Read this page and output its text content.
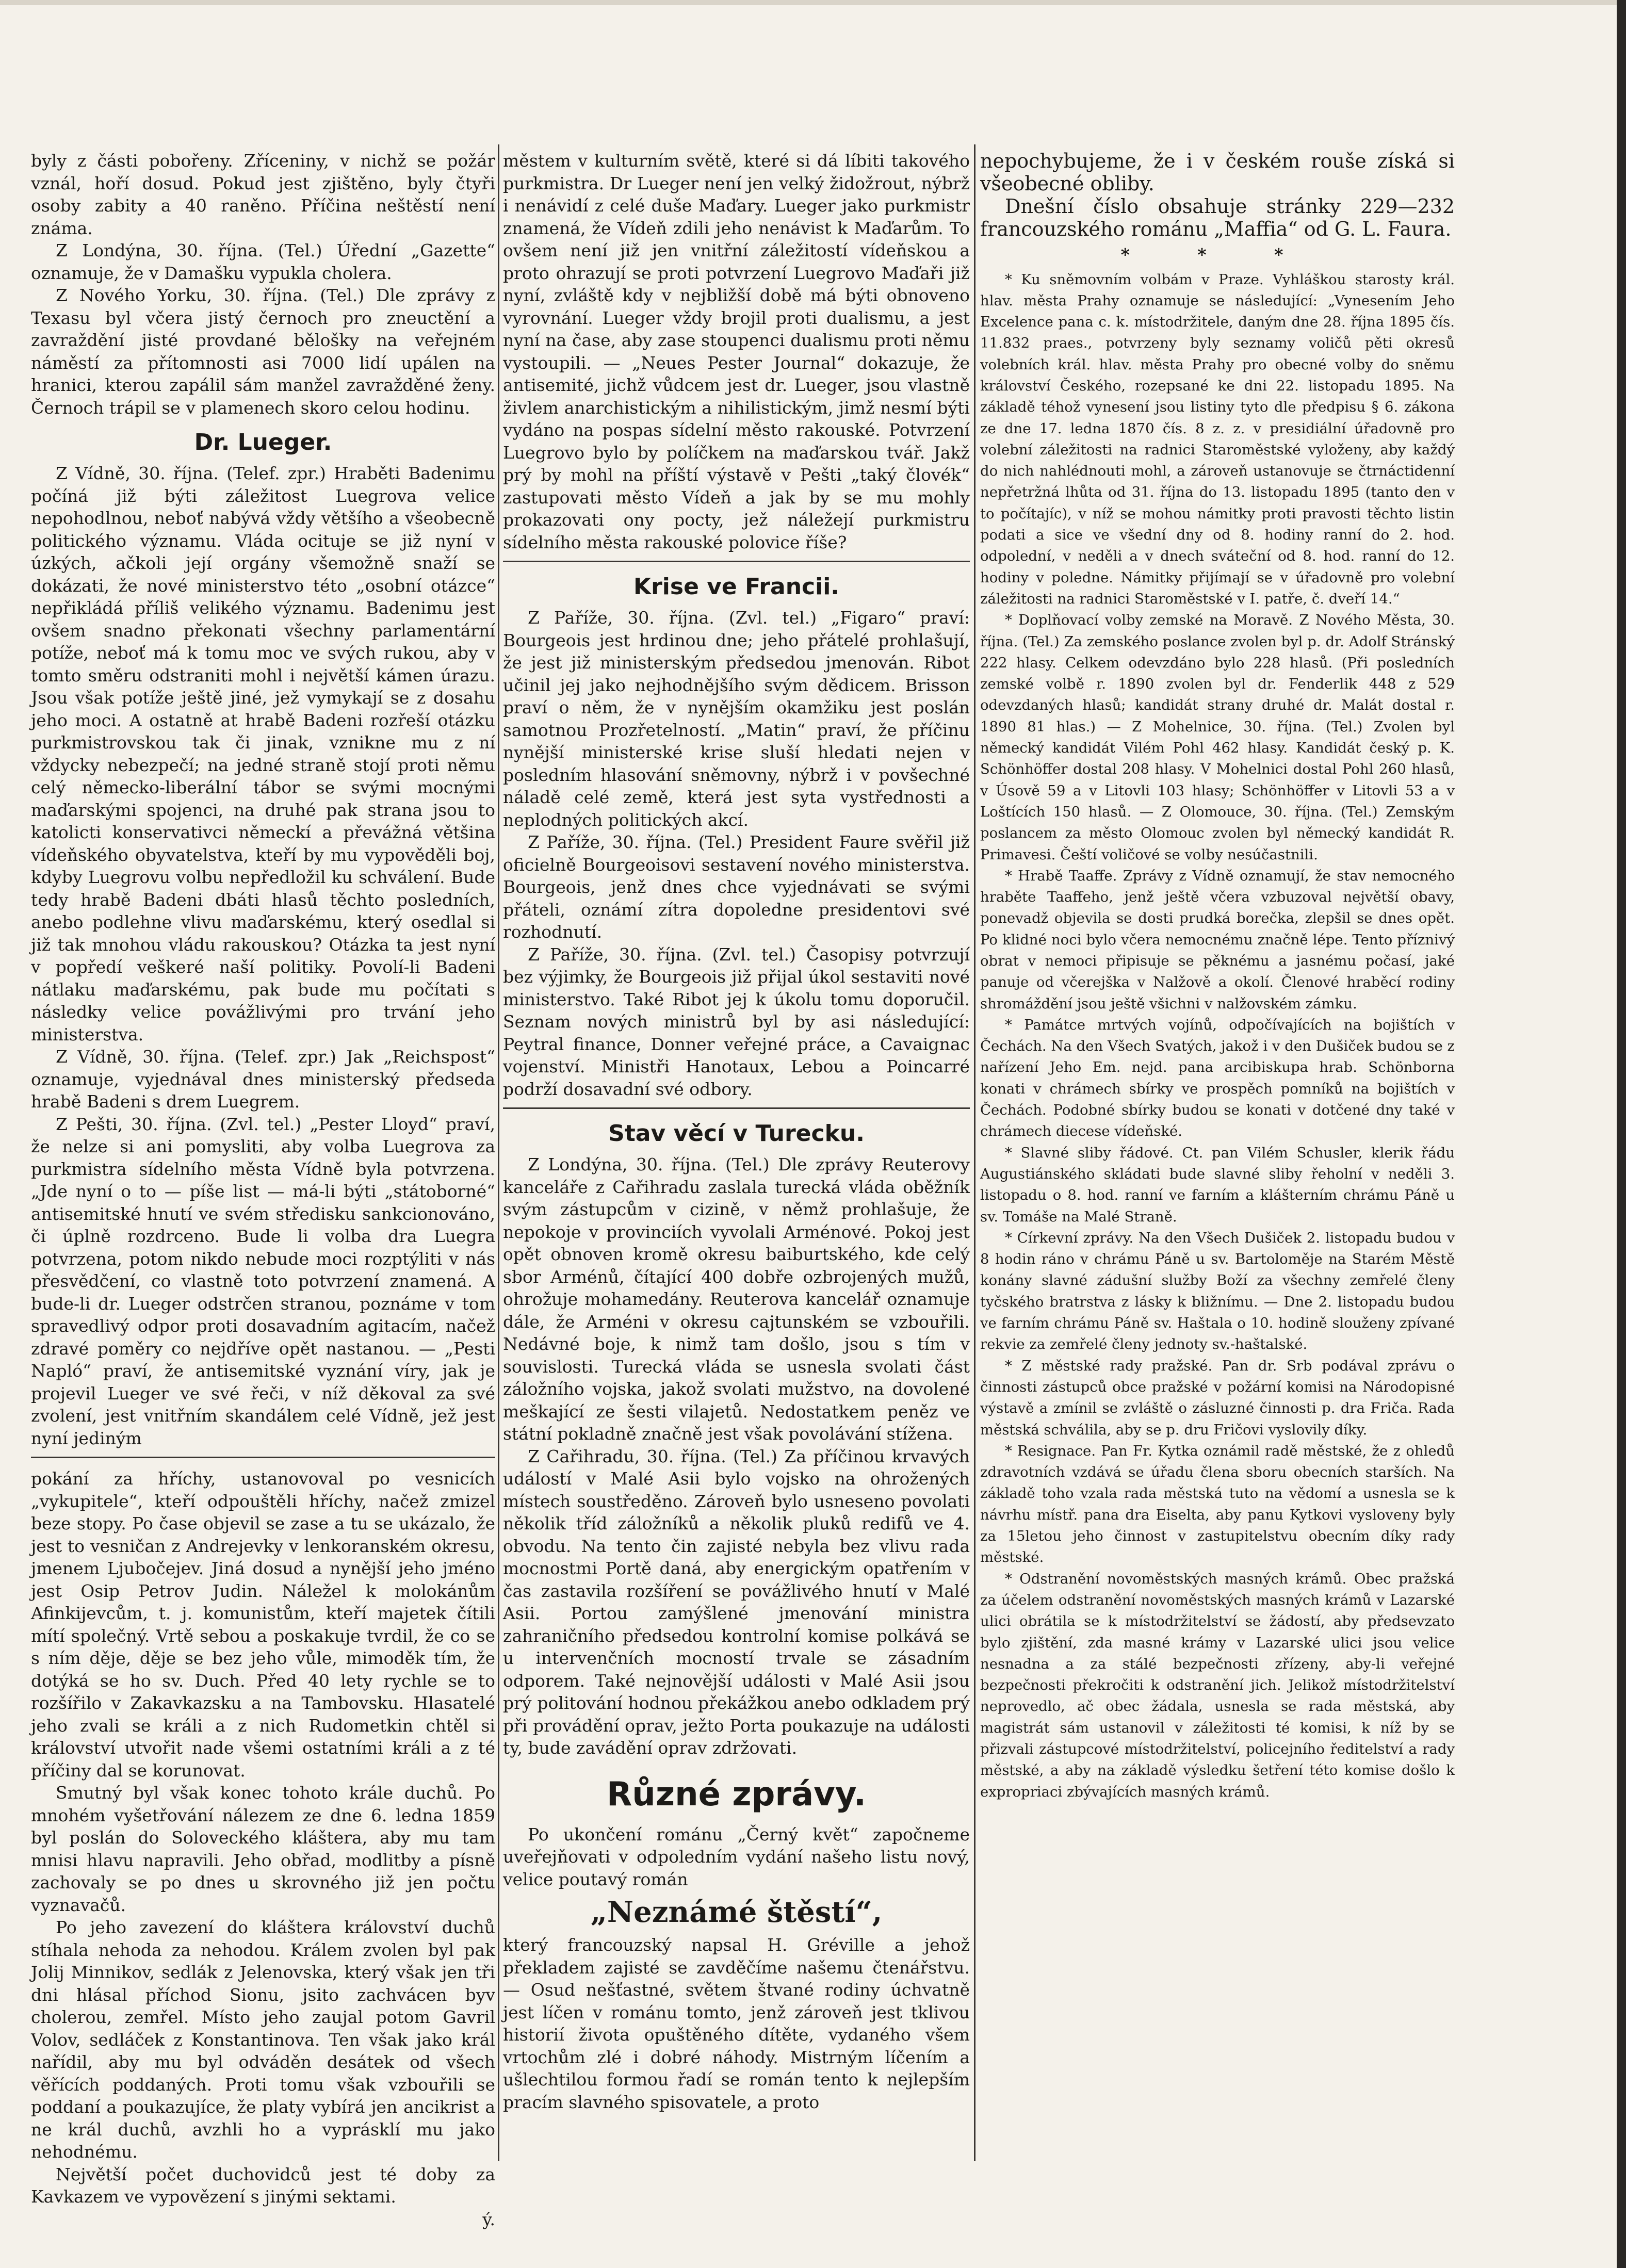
byly z části pobořeny. Zříceniny, v nichž se požár vznál, hoří dosud. Pokud jest zjištěno, byly čtyři osoby zabity a 40 raněno. Příčina neštěstí není známa.

Z Londýna, 30. října. (Tel.) Úřední „Gazette“ oznamuje, že v Damašku vypukla cholera.

Z Nového Yorku, 30. října. (Tel.) Dle zprávy z Texasu byl včera jistý černoch pro zneuctění a zavraždění jisté provdané bělošky na veřejném náměstí za přítomnosti asi 7000 lidí upálen na hranici, kterou zapálil sám manžel zavražděné ženy. Černoch trápil se v plamenech skoro celou hodinu.

Dr. Lueger.

Z Vídně, 30. října. (Telef. zpr.) Hraběti Badenimu počíná již býti záležitost Luegrova velice nepohodlnou, neboť nabývá vždy většího a všeobecně politického významu. Vláda ocituje se již nyní v úzkých, ačkoli její orgány všemožně snaží se dokázati, že nové ministerstvo této „osobní otázce“ nepřikládá příliš velikého významu. Badenimu jest ovšem snadno překonati všechny parlamentární potíže, neboť má k tomu moc ve svých rukou, aby v tomto směru odstraniti mohl i největší kámen úrazu. Jsou však potíže ještě jiné, jež vymykají se z dosahu jeho moci. A ostatně at hrabě Badeni rozřeší otázku purkmistrovskou tak či jinak, vznikne mu z ní vždycky nebezpečí; na jedné straně stojí proti němu celý německo-liberální tábor se svými mocnými maďarskými spojenci, na druhé pak strana jsou to katolicti konservativci německí a převážná většina vídeňského obyvatelstva, kteří by mu vypověděli boj, kdyby Luegrovu volbu nepředložil ku schválení. Bude tedy hrabě Badeni dbáti hlasů těchto posledních, anebo podlehne vlivu maďarskému, který osedlal si již tak mnohou vládu rakouskou? Otázka ta jest nyní v popředí veškeré naší politiky. Povolí-li Badeni nátlaku maďarskému, pak bude mu počítati s následky velice povážlivými pro trvání jeho ministerstva.

Z Vídně, 30. října. (Telef. zpr.) Jak „Reichspost“ oznamuje, vyjednával dnes ministerský předseda hrabě Badeni s drem Luegrem.

Z Pešti, 30. října. (Zvl. tel.) „Pester Lloyd“ praví, že nelze si ani pomysliti, aby volba Luegrova za purkmistra sídelního města Vídně byla potvrzena. „Jde nyní o to — píše list — má-li býti „státoborné“ antisemitské hnutí ve svém středisku sankcionováno, či úplně rozdrceno. Bude li volba dra Luegra potvrzena, potom nikdo nebude moci rozptýliti v nás přesvědčení, co vlastně toto potvrzení znamená. A bude-li dr. Lueger odstrčen stranou, poznáme v tom spravedlivý odpor proti dosavadním agitacím, načež zdravé poměry co nejdříve opět nastanou. — „Pesti Napló“ praví, že antisemitské vyznání víry, jak je projevil Lueger ve své řeči, v níž děkoval za své zvolení, jest vnitřním skandálem celé Vídně, jež jest nyní jediným

pokání za hříchy, ustanovoval po vesnicích „vykupitele“, kteří odpouštěli hříchy, načež zmizel beze stopy. Po čase objevil se zase a tu se ukázalo, že jest to vesničan z Andrejevky v lenkoranském okresu, jmenem Ljubočejev. Jiná dosud a nynější jeho jméno jest Osip Petrov Judin. Náležel k molokánům Afinkijevcům, t. j. komunistům, kteří majetek čítili mítí společný. Vrtě sebou a poskakuje tvrdil, že co se s ním děje, děje se bez jeho vůle, mimoděk tím, že dotýká se ho sv. Duch. Před 40 lety rychle se to rozšířilo v Zakavkazsku a na Tambovsku. Hlasatelé jeho zvali se králi a z nich Rudometkin chtěl si království utvořit nade všemi ostatními králi a z té příčiny dal se korunovat.

Smutný byl však konec tohoto krále duchů. Po mnohém vyšetřování nálezem ze dne 6. ledna 1859 byl poslán do Soloveckého kláštera, aby mu tam mnisi hlavu napravili. Jeho obřad, modlitby a písně zachovaly se po dnes u skrovného již jen počtu vyznavačů.

Po jeho zavezení do kláštera království duchů stíhala nehoda za nehodou. Králem zvolen byl pak Jolij Minnikov, sedlák z Jelenovska, který však jen tři dni hlásal příchod Sionu, jsito zachvácen byv cholerou, zemřel. Místo jeho zaujal potom Gavril Volov, sedláček z Konstantinova. Ten však jako král nařídil, aby mu byl odváděn desátek od všech věřících poddaných. Proti tomu však vzbouřili se poddaní a poukazujíce, že platy vybírá jen ancikrist a ne král duchů, avzhli ho a vyprásklí mu jako nehodnému.

Největší počet duchovidců jest té doby za Kavkazem ve vypovězení s jinými sektami.

ý.

městem v kulturním světě, které si dá líbiti takového purkmistra. Dr Lueger není jen velký židožrout, nýbrž i nenávidí z celé duše Maďary. Lueger jako purkmistr znamená, že Vídeň zdili jeho nenávist k Maďarům. To ovšem není již jen vnitřní záležitostí vídeňskou a proto ohrazují se proti potvrzení Luegrovo Maďaři již nyní, zvláště kdy v nejbližší době má býti obnoveno vyrovnání. Lueger vždy brojil proti dualismu, a jest nyní na čase, aby zase stoupenci dualismu proti němu vystoupili. — „Neues Pester Journal“ dokazuje, že antisemité, jichž vůdcem jest dr. Lueger, jsou vlastně živlem anarchistickým a nihilistickým, jimž nesmí býti vydáno na pospas sídelní město rakouské. Potvrzení Luegrovo bylo by políčkem na maďarskou tvář. Jakž prý by mohl na příští výstavě v Pešti „taký človék“ zastupovati město Vídeň a jak by se mu mohly prokazovati ony pocty, jež náležejí purkmistru sídelního města rakouské polovice říše?

Krise ve Francii.

Z Paříže, 30. října. (Zvl. tel.) „Figaro“ praví: Bourgeois jest hrdinou dne; jeho přátelé prohlašují, že jest již ministerským předsedou jmenován. Ribot učinil jej jako nejhodnějšího svým dědicem. Brisson praví o něm, že v nynějším okamžiku jest poslán samotnou Prozřetelností. „Matin“ praví, že příčinu nynější ministerské krise sluší hledati nejen v posledním hlasování sněmovny, nýbrž i v povšechné náladě celé země, která jest syta vystřednosti a neplodných politických akcí.

Z Paříže, 30. října. (Tel.) President Faure svěřil již oficielně Bourgeoisovi sestavení nového ministerstva. Bourgeois, jenž dnes chce vyjednávati se svými přáteli, oznámí zítra dopoledne presidentovi své rozhodnutí.

Z Paříže, 30. října. (Zvl. tel.) Časopisy potvrzují bez výjimky, že Bourgeois již přijal úkol sestaviti nové ministerstvo. Také Ribot jej k úkolu tomu doporučil. Seznam nových ministrů byl by asi následující: Peytral finance, Donner veřejné práce, a Cavaignac vojenství. Ministři Hanotaux, Lebou a Poincarré podrží dosavadní své odbory.

Stav věcí v Turecku.

Z Londýna, 30. října. (Tel.) Dle zprávy Reuterovy kanceláře z Cařihradu zaslala turecká vláda oběžník svým zástupcům v cizině, v němž prohlašuje, že nepokoje v provinciích vyvolali Arménové. Pokoj jest opět obnoven kromě okresu baiburtského, kde celý sbor Arménů, čítající 400 dobře ozbrojených mužů, ohrožuje mohamedány. Reuterova kancelář oznamuje dále, že Arméni v okresu cajtunském se vzbouřili. Nedávné boje, k nimž tam došlo, jsou s tím v souvislosti. Turecká vláda se usnesla svolati část záložního vojska, jakož svolati mužstvo, na dovolené meškající ze šesti vilajetů. Nedostatkem peněz ve státní pokladně značně jest však povolávání stížena.

Z Cařihradu, 30. října. (Tel.) Za příčinou krvavých událostí v Malé Asii bylo vojsko na ohrožených místech soustředěno. Zároveň bylo usneseno povolati několik tříd záložníků a několik pluků redifů ve 4. obvodu. Na tento čin zajisté nebyla bez vlivu rada mocnostmi Portě daná, aby energickým opatřením v čas zastavila rozšíření se povážlivého hnutí v Malé Asii. Portou zamýšlené jmenování ministra zahraničního předsedou kontrolní komise polkává se u intervenčních mocností trvale se zásadním odporem. Také nejnovější události v Malé Asii jsou prý politování hodnou překážkou anebo odkladem prý při provádění oprav, ježto Porta poukazuje na události ty, bude zavádění oprav zdržovati.

Různé zprávy.

Po ukončení románu „Černý květ“ započneme uveřejňovati v odpoledním vydání našeho listu nový, velice poutavý román

„Neznámé štěstí“,

který francouzský napsal H. Gréville a jehož překladem zajisté se zavděčíme našemu čtenářstvu. — Osud nešťastné, světem štvané rodiny úchvatně jest líčen v románu tomto, jenž zároveň jest tklivou historií života opuštěného dítěte, vydaného všem vrtochům zlé i dobré náhody. Mistrným líčením a ušlechtilou formou řadí se román tento k nejlepším pracím slavného spisovatele, a proto

nepochybujeme, že i v českém rouše získá si všeobecné obliby.

Dnešní číslo obsahuje stránky 229—232 francouzského románu „Maffia“ od G. L. Faura.

* * *

* Ku sněmovním volbám v Praze. Vyhláškou starosty král. hlav. města Prahy oznamuje se následující: „Vynesením Jeho Excelence pana c. k. místodržitele, daným dne 28. října 1895 čís. 11.832 praes., potvrzeny byly seznamy voličů pěti okresů volebních král. hlav. města Prahy pro obecné volby do sněmu království Českého, rozepsané ke dni 22. listopadu 1895. Na základě téhož vynesení jsou listiny tyto dle předpisu § 6. zákona ze dne 17. ledna 1870 čís. 8 z. z. v presidiální úřadovně pro volební záležitosti na radnici Staroměstské vyloženy, aby každý do nich nahlédnouti mohl, a zároveň ustanovuje se čtrnáctidenní nepřetržná lhůta od 31. října do 13. listopadu 1895 (tanto den v to počítajíc), v níž se mohou námitky proti pravosti těchto listin podati a sice ve všední dny od 8. hodiny ranní do 2. hod. odpolední, v neděli a v dnech sváteční od 8. hod. ranní do 12. hodiny v poledne. Námitky přijímají se v úřadovně pro volební záležitosti na radnici Staroměstské v I. patře, č. dveří 14.“

* Doplňovací volby zemské na Moravě. Z Nového Města, 30. října. (Tel.) Za zemského poslance zvolen byl p. dr. Adolf Stránský 222 hlasy. Celkem odevzdáno bylo 228 hlasů. (Při posledních zemské volbě r. 1890 zvolen byl dr. Fenderlik 448 z 529 odevzdaných hlasů; kandidát strany druhé dr. Malát dostal r. 1890 81 hlas.) — Z Mohelnice, 30. října. (Tel.) Zvolen byl německý kandidát Vilém Pohl 462 hlasy. Kandidát český p. K. Schönhöffer dostal 208 hlasy. V Mohelnici dostal Pohl 260 hlasů, v Úsově 59 a v Litovli 103 hlasy; Schönhöffer v Litovli 53 a v Loštících 150 hlasů. — Z Olomouce, 30. října. (Tel.) Zemským poslancem za město Olomouc zvolen byl německý kandidát R. Primavesi. Čeští voličové se volby nesúčastnili.

* Hrabě Taaffe. Zprávy z Vídně oznamují, že stav nemocného hraběte Taaffeho, jenž ještě včera vzbuzoval největší obavy, ponevadž objevila se dosti prudká borečka, zlepšil se dnes opět. Po klidné noci bylo včera nemocnému značně lépe. Tento příznivý obrat v nemoci připisuje se pěknému a jasnému počasí, jaké panuje od včerejška v Nalžově a okolí. Členové hraběcí rodiny shromáždění jsou ještě všichni v nalžovském zámku.

* Památce mrtvých vojínů, odpočívajících na bojištích v Čechách. Na den Všech Svatých, jakož i v den Dušiček budou se z nařízení Jeho Em. nejd. pana arcibiskupa hrab. Schönborna konati v chrámech sbírky ve prospěch pomníků na bojištích v Čechách. Podobné sbírky budou se konati v dotčené dny také v chrámech diecese vídeňské.

* Slavné sliby řádové. Ct. pan Vilém Schusler, klerik řádu Augustiánského skládati bude slavné sliby řeholní v neděli 3. listopadu o 8. hod. ranní ve farním a klášterním chrámu Páně u sv. Tomáše na Malé Straně.

* Církevní zprávy. Na den Všech Dušiček 2. listopadu budou v 8 hodin ráno v chrámu Páně u sv. Bartoloměje na Starém Městě konány slavné zádušní služby Boží za všechny zemřelé členy tyčského bratrstva z lásky k bližnímu. — Dne 2. listopadu budou ve farním chrámu Páně sv. Haštala o 10. hodině slouženy zpívané rekvie za zemřelé členy jednoty sv.-haštalské.

* Z městské rady pražské. Pan dr. Srb podával zprávu o činnosti zástupců obce pražské v požární komisi na Národopisné výstavě a zmínil se zvláště o zásluzné činnosti p. dra Friča. Rada městská schválila, aby se p. dru Fričovi vyslovily díky.

* Resignace. Pan Fr. Kytka oznámil radě městské, že z ohledů zdravotních vzdává se úřadu člena sboru obecních starších. Na základě toho vzala rada městská tuto na vědomí a usnesla se k návrhu místř. pana dra Eiselta, aby panu Kytkovi vysloveny byly za 15letou jeho činnost v zastupitelstvu obecním díky rady městské.

* Odstranění novoměstských masných krámů. Obec pražská za účelem odstranění novoměstských masných krámů v Lazarské ulici obrátila se k místodržitelství se žádostí, aby předsevzato bylo zjištění, zda masné krámy v Lazarské ulici jsou velice nesnadna a za stálé bezpečnosti zřízeny, aby-li veřejné bezpečnosti překročiti k odstranění jich. Jelikož místodržitelství neprovedlo, ač obec žádala, usnesla se rada městská, aby magistrát sám ustanovil v záležitosti té komisi, k níž by se přizvali zástupcové místodržitelství, policejního ředitelství a rady městské, a aby na základě výsledku šetření této komise došlo k expropriaci zbývajících masných krámů.
